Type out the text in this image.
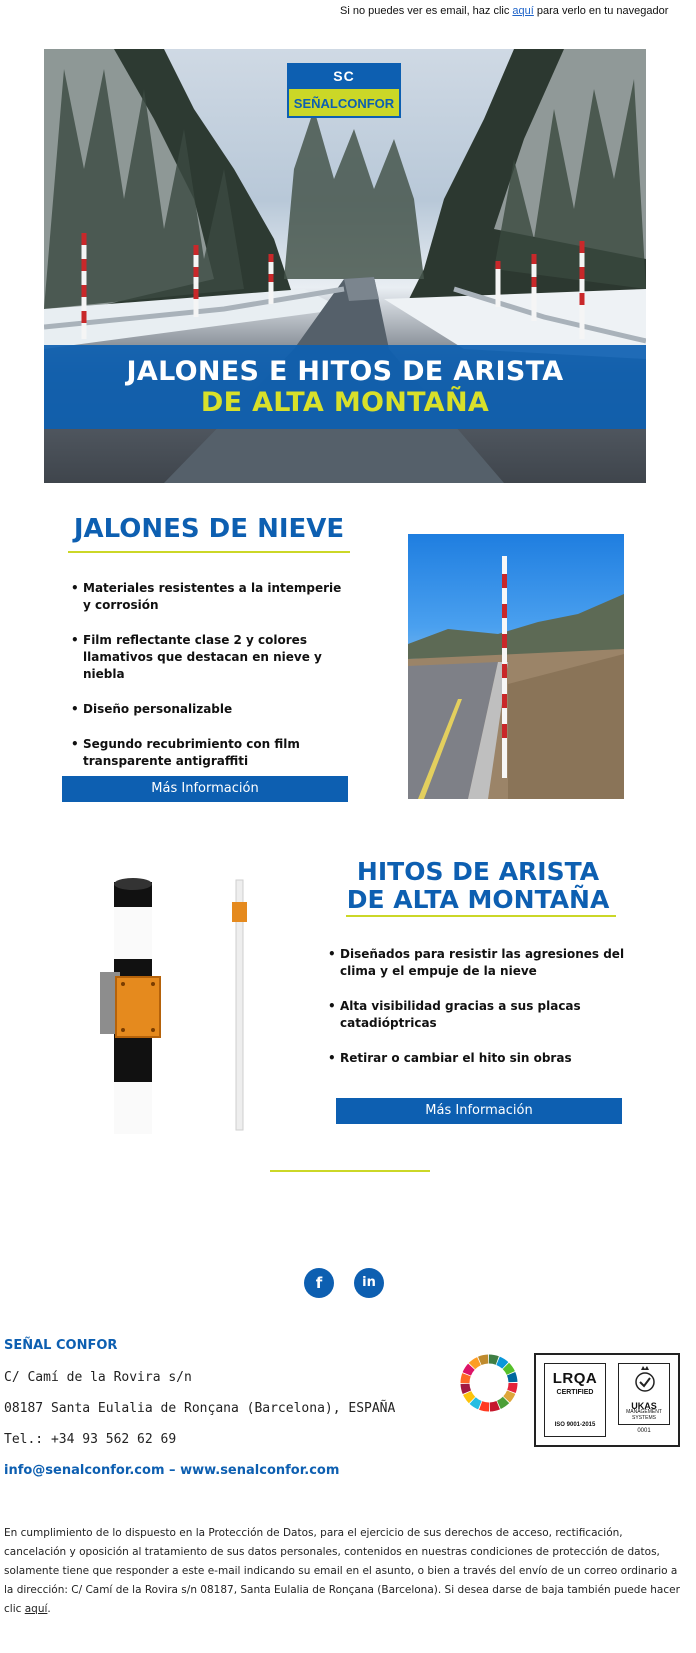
Si no puedes ver es email, haz clic aquí para verlo en tu navegador
SC
SEÑALCONFOR
JALONES E HITOS DE ARISTA
DE ALTA MONTAÑA
JALONES DE NIEVE
• Materiales resistentes a la intemperie y corrosión
• Film reflectante clase 2 y colores llamativos que destacan en nieve y niebla
• Diseño personalizable
• Segundo recubrimiento con film transparente antigraffiti
Más Información
HITOS DE ARISTA
DE ALTA MONTAÑA
• Diseñados para resistir las agresiones del clima y el empuje de la nieve
• Alta visibilidad gracias a sus placas catadióptricas
• Retirar o cambiar el hito sin obras
Más Información
f	in
SEÑAL CONFOR
C/ Camí de la Rovira s/n
08187 Santa Eulalia de Ronçana (Barcelona), ESPAÑA
Tel.: +34 93 562 62 69
info@senalconfor.com – www.senalconfor.com
LRQA
CERTIFIED
ISO 9001-2015
UKAS
MANAGEMENT SYSTEMS
0001
En cumplimiento de lo dispuesto en la Protección de Datos, para el ejercicio de sus derechos de acceso, rectificación, cancelación y oposición al tratamiento de sus datos personales, contenidos en nuestras condiciones de protección de datos, solamente tiene que responder a este e-mail indicando su email en el asunto, o bien a través del envío de un correo ordinario a la dirección: C/ Camí de la Rovira s/n 08187, Santa Eulalia de Ronçana (Barcelona). Si desea darse de baja también puede hacer clic aquí.
